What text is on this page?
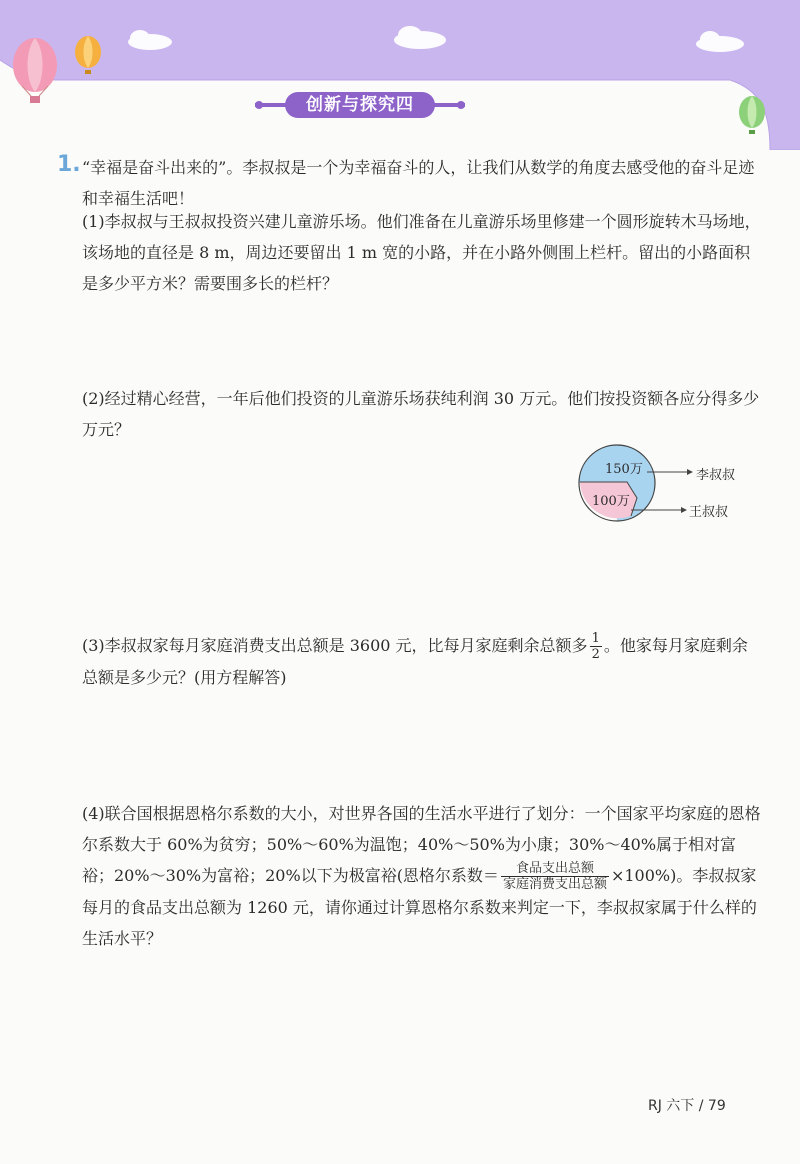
创新与探究四
1. “幸福是奋斗出来的”。李叔叔是一个为幸福奋斗的人，让我们从数学的角度去感受他的奋斗足迹和幸福生活吧！

(1)李叔叔与王叔叔投资兴建儿童游乐场。他们准备在儿童游乐场里修建一个圆形旋转木马场地，该场地的直径是 8 m，周边还要留出 1 m 宽的小路，并在小路外侧围上栏杆。留出的小路面积是多少平方米？需要围多长的栏杆？

(2)经过精心经营，一年后他们投资的儿童游乐场获纯利润 30 万元。他们按投资额各应分得多少万元？

150万
100万
李叔叔
王叔叔

(3)李叔叔家每月家庭消费支出总额是 3600 元，比每月家庭剩余总额多 $\frac{1}{2}$ 。他家每月家庭剩余总额是多少元？(用方程解答)

(4)联合国根据恩格尔系数的大小，对世界各国的生活水平进行了划分：一个国家平均家庭的恩格尔系数大于 60%为贫穷；50%～60%为温饱；40%～50%为小康；30%～40%属于相对富裕；20%～30%为富裕；20%以下为极富裕(恩格尔系数＝ $\frac{\text{食品支出总额}}{\text{家庭消费支出总额}} \times 100\%$)。李叔叔家每月的食品支出总额为 1260 元，请你通过计算恩格尔系数来判定一下，李叔叔家属于什么样的生活水平？

RJ 六下 / 79
